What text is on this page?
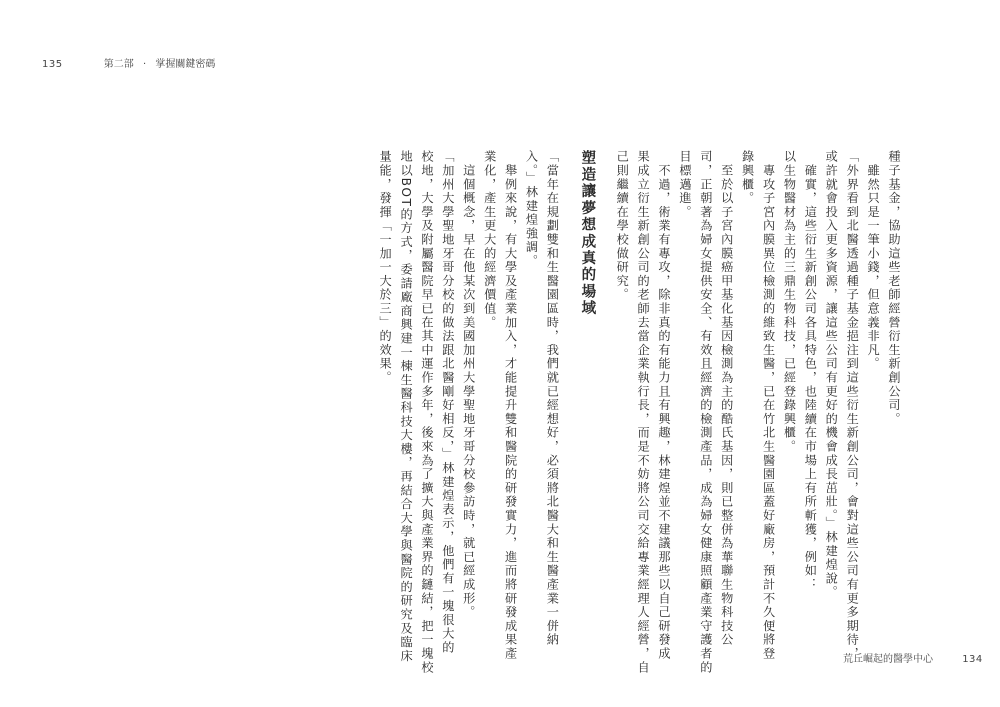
135	第二部 · 掌握關鍵密碼

種子基金，協助這些老師經營衍生新創公司。

　雖然只是一筆小錢，但意義非凡。

「外界看到北醫透過種子基金挹注到這些衍生新創公司，會對這些公司有更多期待，

或許就會投入更多資源，讓這些公司有更好的機會成長茁壯。」林建煌說。

　確實，這些衍生新創公司各具特色，也陸續在市場上有所斬獲，例如：

以生物醫材為主的三鼎生物科技，已經登錄興櫃。

　專攻子宮內膜異位檢測的維致生醫，已在竹北生醫園區蓋好廠房，預計不久便將登

錄興櫃。

　至於以子宮內膜癌甲基化基因檢測為主的酷氏基因，則已整併為華聯生物科技公

司，正朝著為婦女提供安全、有效且經濟的檢測產品，成為婦女健康照顧產業守護者的

目標邁進。

　不過，術業有專攻，除非真的有能力且有興趣，林建煌並不建議那些以自己研發成

果成立衍生新創公司的老師去當企業執行長，而是不妨將公司交給專業經理人經營，自

己則繼續在學校做研究。

塑造讓夢想成真的場域

「當年在規劃雙和生醫園區時，我們就已經想好，必須將北醫大和生醫產業一併納

入。」林建煌強調。

　舉例來說，有大學及產業加入，才能提升雙和醫院的研發實力，進而將研發成果產

業化，產生更大的經濟價值。

　這個概念，早在他某次到美國加州大學聖地牙哥分校參訪時，就已經成形。

「加州大學聖地牙哥分校的做法跟北醫剛好相反，」林建煌表示，他們有一塊很大的

校地，大學及附屬醫院早已在其中運作多年，後來為了擴大與產業界的鏈結，把一塊校

地以BOT的方式，委請廠商興建一棟生醫科技大樓，再結合大學與醫院的研究及臨床

量能，發揮「一加一大於三」的效果。

荒丘崛起的醫學中心	134
